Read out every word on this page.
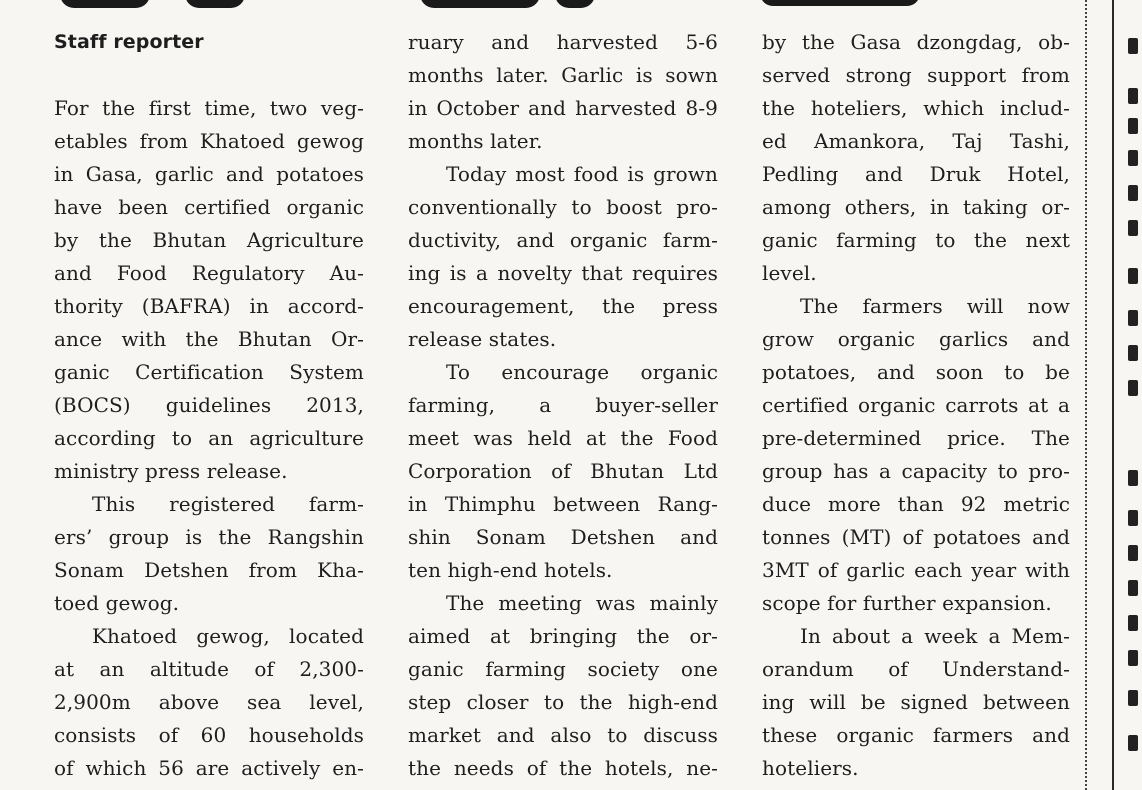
Staff reporter
For the first time, two veg-
etables from Khatoed gewog
in Gasa, garlic and potatoes
have been certified organic
by the Bhutan Agriculture
and Food Regulatory Au-
thority (BAFRA) in accord-
ance with the Bhutan Or-
ganic Certification System
(BOCS) guidelines 2013,
according to an agriculture
ministry press release.
This registered farm-
ers’ group is the Rangshin
Sonam Detshen from Kha-
toed gewog.
Khatoed gewog, located
at an altitude of 2,300-
2,900m above sea level,
consists of 60 households
of which 56 are actively en-
ruary and harvested 5-6
months later. Garlic is sown
in October and harvested 8-9
months later.
Today most food is grown
conventionally to boost pro-
ductivity, and organic farm-
ing is a novelty that requires
encouragement, the press
release states.
To encourage organic
farming, a buyer-seller
meet was held at the Food
Corporation of Bhutan Ltd
in Thimphu between Rang-
shin Sonam Detshen and
ten high-end hotels.
The meeting was mainly
aimed at bringing the or-
ganic farming society one
step closer to the high-end
market and also to discuss
the needs of the hotels, ne-
by the Gasa dzongdag, ob-
served strong support from
the hoteliers, which includ-
ed Amankora, Taj Tashi,
Pedling and Druk Hotel,
among others, in taking or-
ganic farming to the next
level.
The farmers will now
grow organic garlics and
potatoes, and soon to be
certified organic carrots at a
pre-determined price. The
group has a capacity to pro-
duce more than 92 metric
tonnes (MT) of potatoes and
3MT of garlic each year with
scope for further expansion.
In about a week a Mem-
orandum of Understand-
ing will be signed between
these organic farmers and
hoteliers.
